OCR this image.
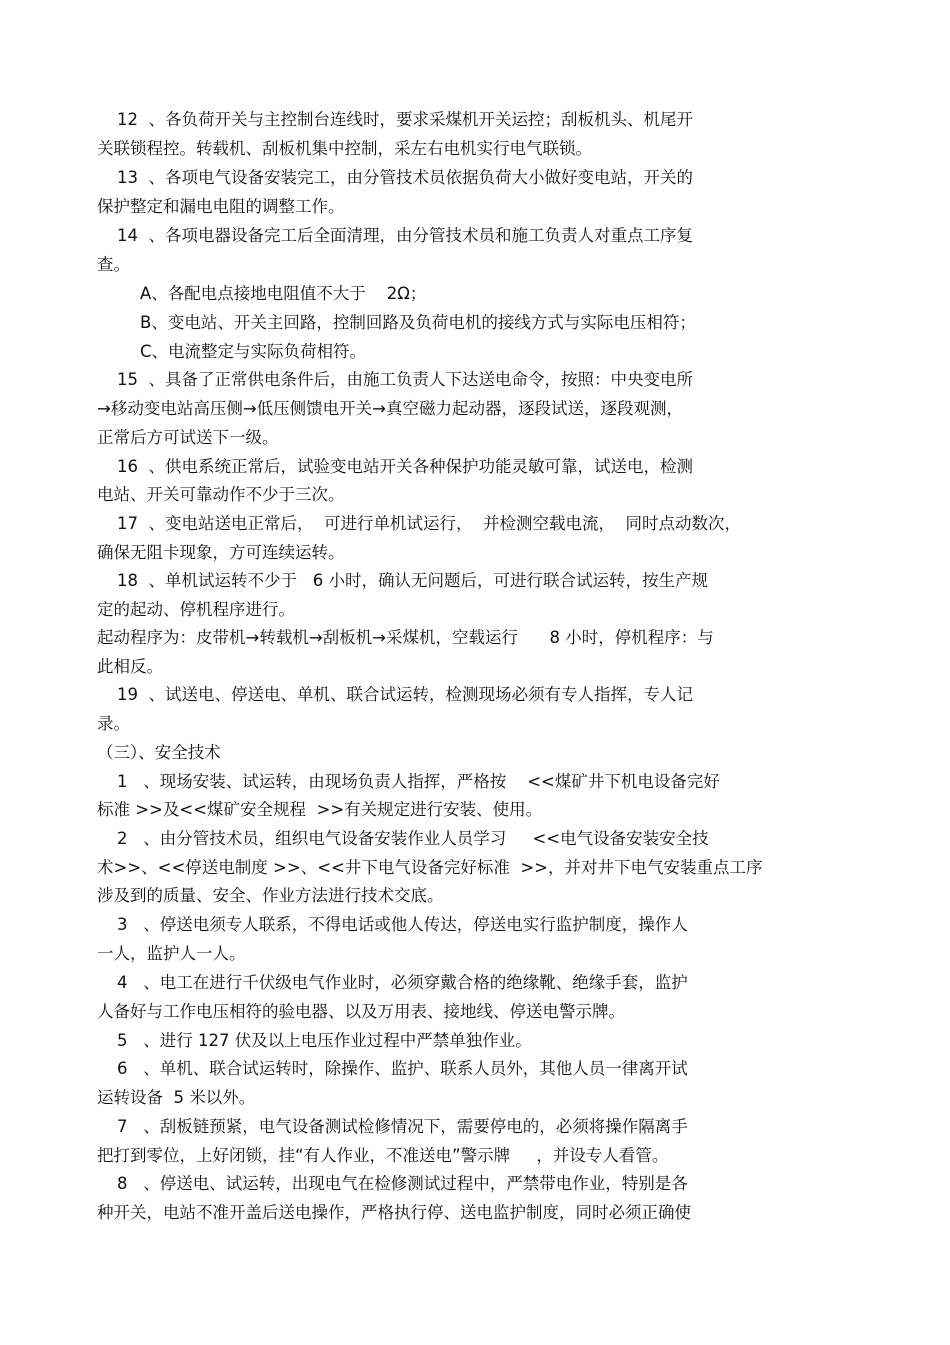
12  、各负荷开关与主控制台连线时，要求采煤机开关运控；刮板机头、机尾开
关联锁程控。转载机、刮板机集中控制，采左右电机实行电气联锁。
13  、各项电气设备安装完工，由分管技术员依据负荷大小做好变电站，开关的
保护整定和漏电电阻的调整工作。
14  、各项电器设备完工后全面清理，由分管技术员和施工负责人对重点工序复
查。
A、各配电点接地电阻值不大于    2Ω；
B、变电站、开关主回路，控制回路及负荷电机的接线方式与实际电压相符；
C、电流整定与实际负荷相符。
15  、具备了正常供电条件后，由施工负责人下达送电命令，按照：中央变电所
→移动变电站高压侧→低压侧馈电开关→真空磁力起动器，逐段试送，逐段观测，
正常后方可试送下一级。
16  、供电系统正常后，试验变电站开关各种保护功能灵敏可靠，试送电，检测
电站、开关可靠动作不少于三次。
17  、变电站送电正常后，  可进行单机试运行，  并检测空载电流，  同时点动数次，
确保无阻卡现象，方可连续运转。
18  、单机试运转不少于   6 小时，确认无问题后，可进行联合试运转，按生产规
定的起动、停机程序进行。
起动程序为：皮带机→转载机→刮板机→采煤机，空载运行      8 小时，停机程序：与
此相反。
19  、试送电、停送电、单机、联合试运转，检测现场必须有专人指挥，专人记
录。
（三）、安全技术
1   、现场安装、试运转，由现场负责人指挥，严格按    <<煤矿井下机电设备完好
标准 >>及<<煤矿安全规程  >>有关规定进行安装、使用。
2   、由分管技术员，组织电气设备安装作业人员学习     <<电气设备安装安全技
术>>、<<停送电制度 >>、<<井下电气设备完好标准  >>，并对井下电气安装重点工序
涉及到的质量、安全、作业方法进行技术交底。
3   、停送电须专人联系，不得电话或他人传达，停送电实行监护制度，操作人
一人，监护人一人。
4   、电工在进行千伏级电气作业时，必须穿戴合格的绝缘靴、绝缘手套，监护
人备好与工作电压相符的验电器、以及万用表、接地线、停送电警示牌。
5   、进行 127 伏及以上电压作业过程中严禁单独作业。
6   、单机、联合试运转时，除操作、监护、联系人员外，其他人员一律离开试
运转设备  5 米以外。
7   、刮板链预紧，电气设备测试检修情况下，需要停电的，必须将操作隔离手
把打到零位，上好闭锁，挂“有人作业，不准送电”警示牌     ，并设专人看管。
8   、停送电、试运转，出现电气在检修测试过程中，严禁带电作业，特别是各
种开关，电站不准开盖后送电操作，严格执行停、送电监护制度，同时必须正确使
